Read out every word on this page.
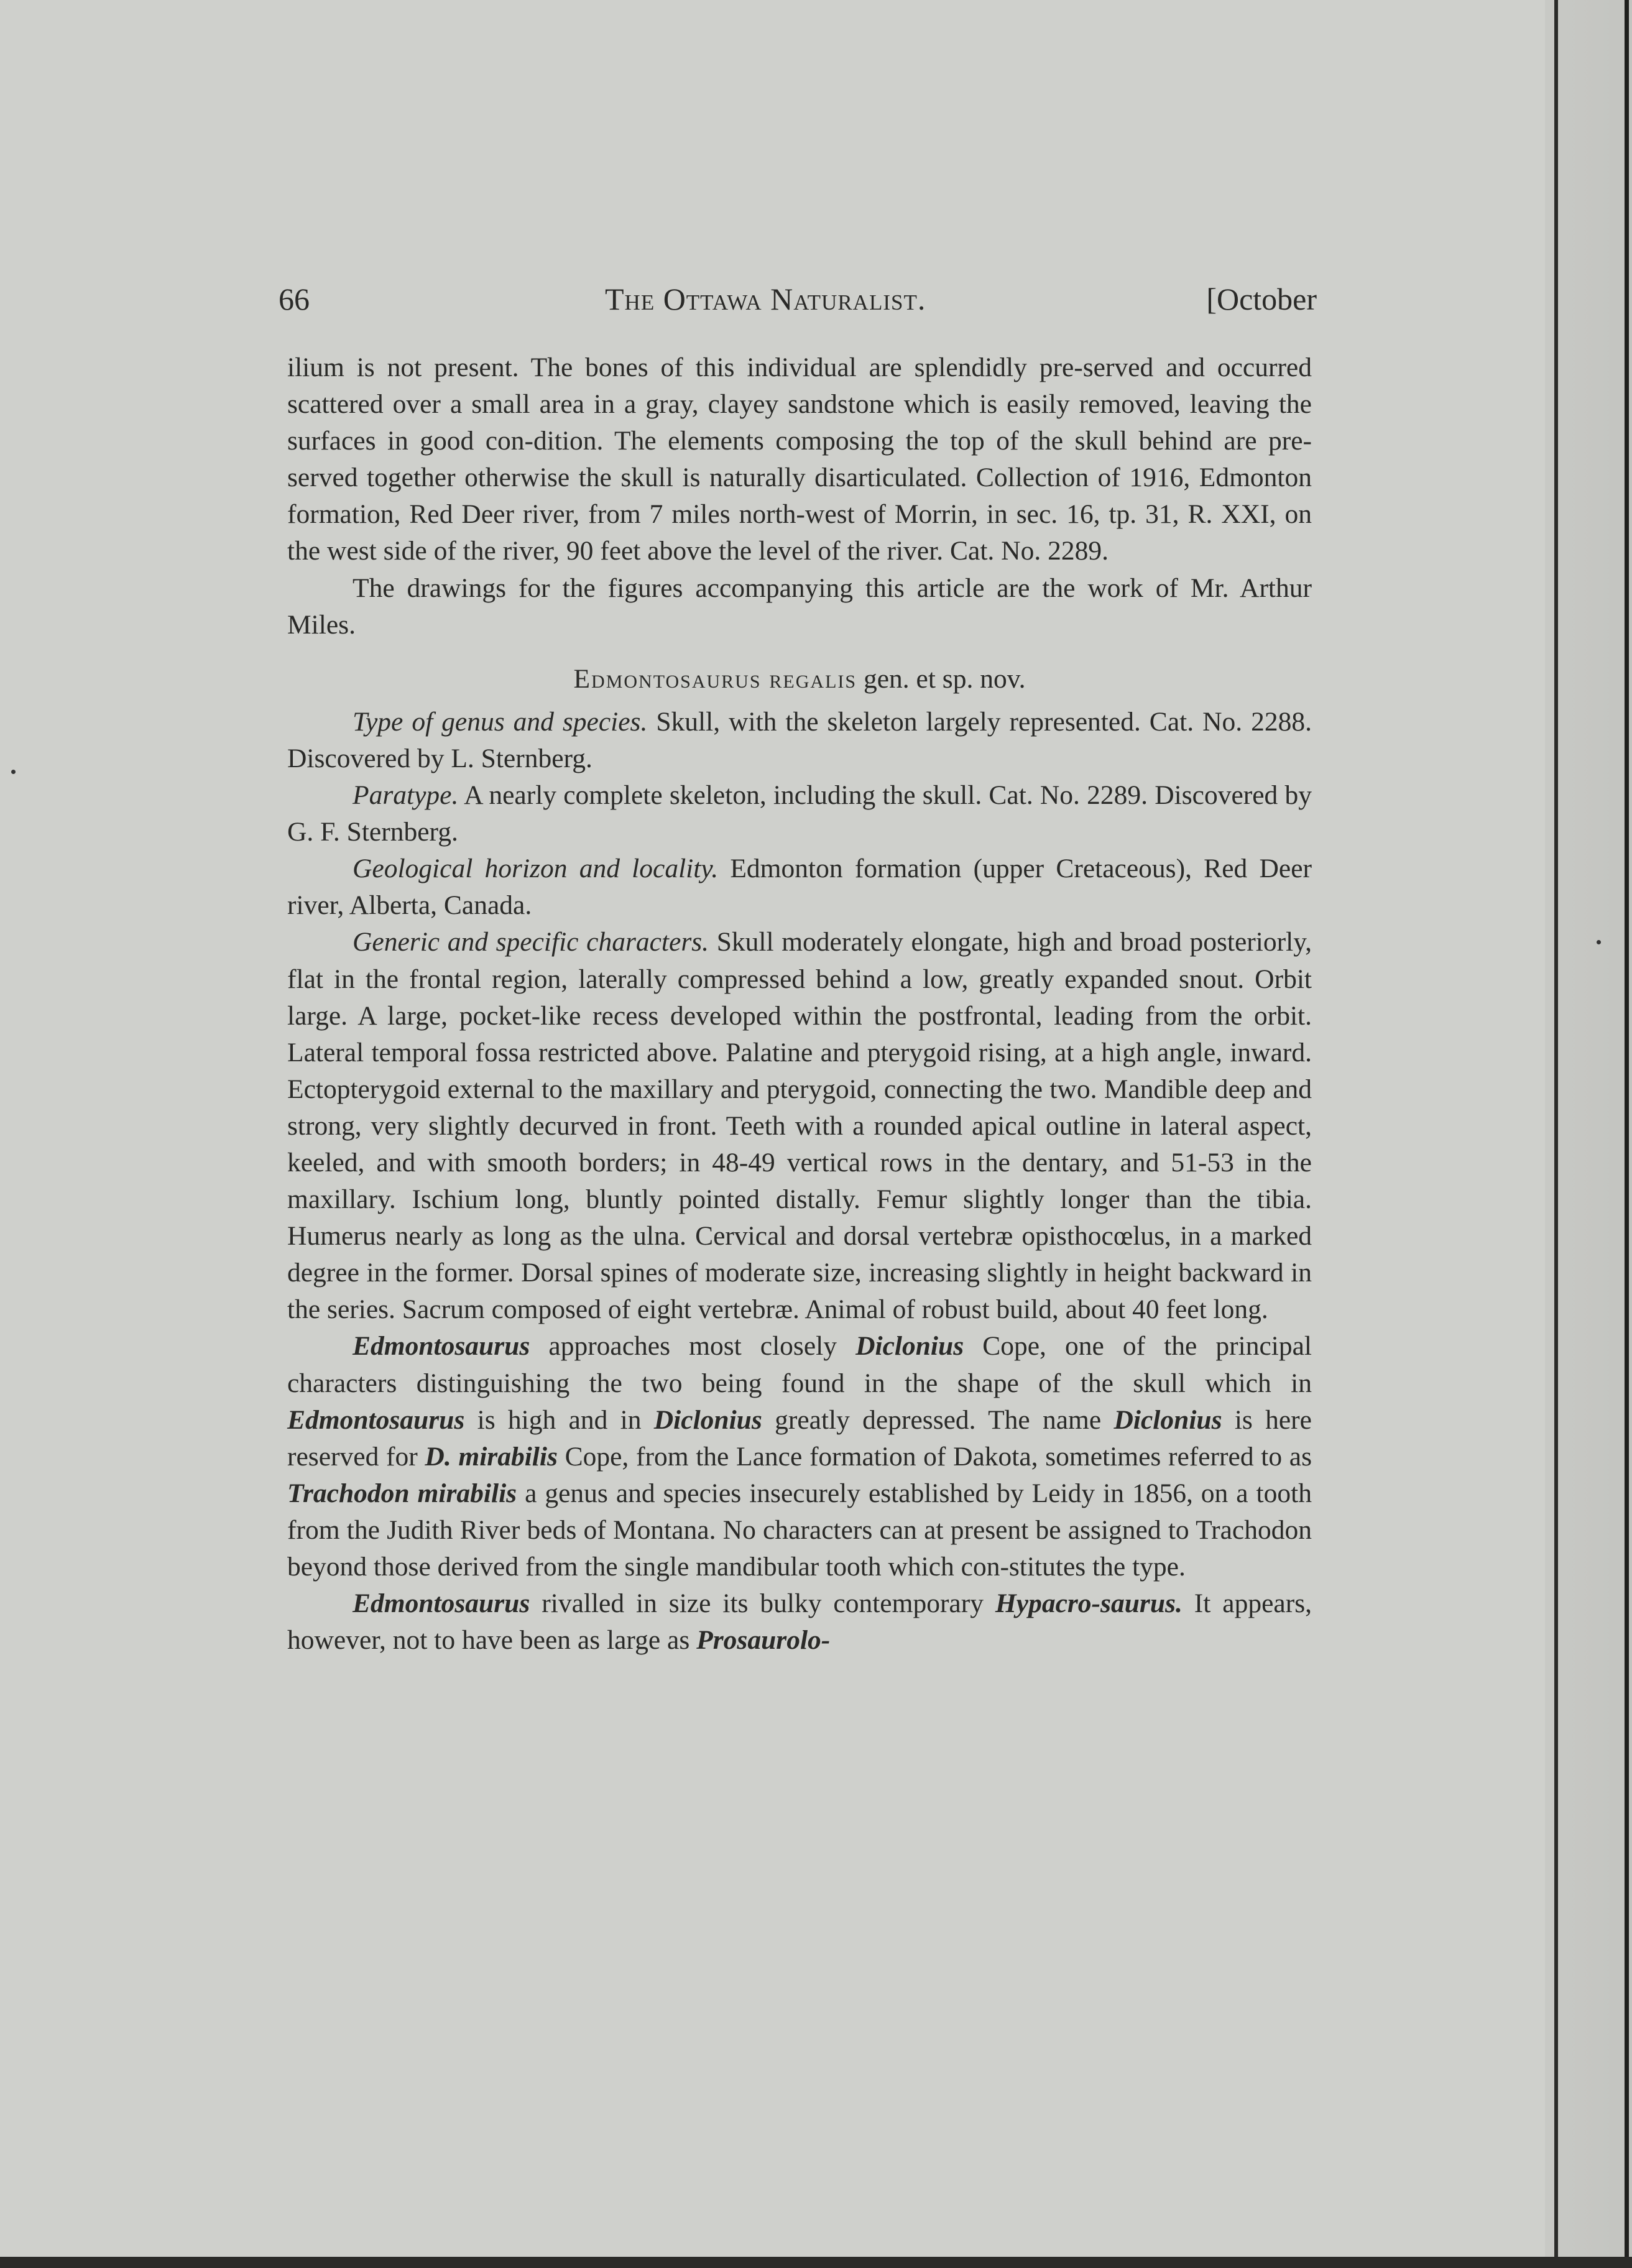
66	The Ottawa Naturalist.	[October

ilium is not present. The bones of this individual are splendidly pre-served and occurred scattered over a small area in a gray, clayey sandstone which is easily removed, leaving the surfaces in good con-dition. The elements composing the top of the skull behind are pre-served together otherwise the skull is naturally disarticulated. Collection of 1916, Edmonton formation, Red Deer river, from 7 miles north-west of Morrin, in sec. 16, tp. 31, R. XXI, on the west side of the river, 90 feet above the level of the river. Cat. No. 2289.

The drawings for the figures accompanying this article are the work of Mr. Arthur Miles.

Edmontosaurus regalis gen. et sp. nov.

Type of genus and species. Skull, with the skeleton largely represented. Cat. No. 2288. Discovered by L. Sternberg.

Paratype. A nearly complete skeleton, including the skull. Cat. No. 2289. Discovered by G. F. Sternberg.

Geological horizon and locality. Edmonton formation (upper Cretaceous), Red Deer river, Alberta, Canada.

Generic and specific characters. Skull moderately elongate, high and broad posteriorly, flat in the frontal region, laterally compressed behind a low, greatly expanded snout. Orbit large. A large, pocket-like recess developed within the postfrontal, leading from the orbit. Lateral temporal fossa restricted above. Palatine and pterygoid rising, at a high angle, inward. Ectopterygoid external to the maxillary and pterygoid, connecting the two. Mandible deep and strong, very slightly decurved in front. Teeth with a rounded apical outline in lateral aspect, keeled, and with smooth borders; in 48-49 vertical rows in the dentary, and 51-53 in the maxillary. Ischium long, bluntly pointed distally. Femur slightly longer than the tibia. Humerus nearly as long as the ulna. Cervical and dorsal vertebræ opisthocœlus, in a marked degree in the former. Dorsal spines of moderate size, increasing slightly in height backward in the series. Sacrum composed of eight vertebræ. Animal of robust build, about 40 feet long.

Edmontosaurus approaches most closely Diclonius Cope, one of the principal characters distinguishing the two being found in the shape of the skull which in Edmontosaurus is high and in Diclonius greatly depressed. The name Diclonius is here reserved for D. mirabilis Cope, from the Lance formation of Dakota, sometimes referred to as Trachodon mirabilis a genus and species insecurely established by Leidy in 1856, on a tooth from the Judith River beds of Montana. No characters can at present be assigned to Trachodon beyond those derived from the single mandibular tooth which con-stitutes the type.

Edmontosaurus rivalled in size its bulky contemporary Hypacro-saurus. It appears, however, not to have been as large as Prosaurolo-
